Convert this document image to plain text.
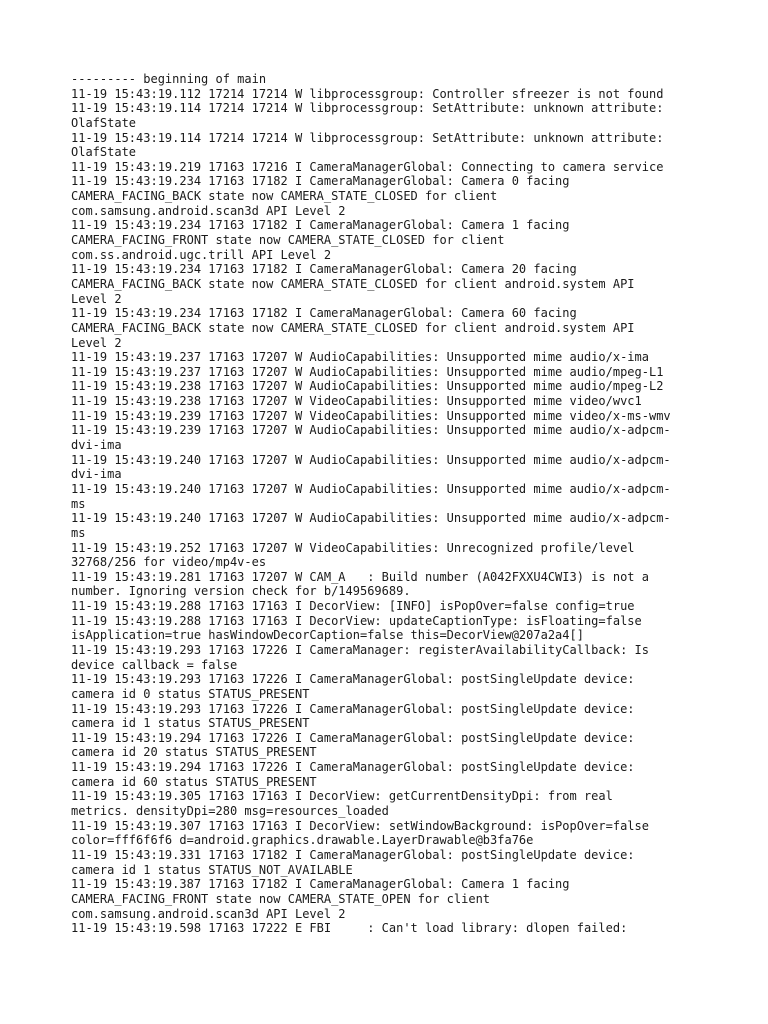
--------- beginning of main
11-19 15:43:19.112 17214 17214 W libprocessgroup: Controller sfreezer is not found
11-19 15:43:19.114 17214 17214 W libprocessgroup: SetAttribute: unknown attribute:
OlafState
11-19 15:43:19.114 17214 17214 W libprocessgroup: SetAttribute: unknown attribute:
OlafState
11-19 15:43:19.219 17163 17216 I CameraManagerGlobal: Connecting to camera service
11-19 15:43:19.234 17163 17182 I CameraManagerGlobal: Camera 0 facing
CAMERA_FACING_BACK state now CAMERA_STATE_CLOSED for client
com.samsung.android.scan3d API Level 2
11-19 15:43:19.234 17163 17182 I CameraManagerGlobal: Camera 1 facing
CAMERA_FACING_FRONT state now CAMERA_STATE_CLOSED for client
com.ss.android.ugc.trill API Level 2
11-19 15:43:19.234 17163 17182 I CameraManagerGlobal: Camera 20 facing
CAMERA_FACING_BACK state now CAMERA_STATE_CLOSED for client android.system API
Level 2
11-19 15:43:19.234 17163 17182 I CameraManagerGlobal: Camera 60 facing
CAMERA_FACING_BACK state now CAMERA_STATE_CLOSED for client android.system API
Level 2
11-19 15:43:19.237 17163 17207 W AudioCapabilities: Unsupported mime audio/x-ima
11-19 15:43:19.237 17163 17207 W AudioCapabilities: Unsupported mime audio/mpeg-L1
11-19 15:43:19.238 17163 17207 W AudioCapabilities: Unsupported mime audio/mpeg-L2
11-19 15:43:19.238 17163 17207 W VideoCapabilities: Unsupported mime video/wvc1
11-19 15:43:19.239 17163 17207 W VideoCapabilities: Unsupported mime video/x-ms-wmv
11-19 15:43:19.239 17163 17207 W AudioCapabilities: Unsupported mime audio/x-adpcm-
dvi-ima
11-19 15:43:19.240 17163 17207 W AudioCapabilities: Unsupported mime audio/x-adpcm-
dvi-ima
11-19 15:43:19.240 17163 17207 W AudioCapabilities: Unsupported mime audio/x-adpcm-
ms
11-19 15:43:19.240 17163 17207 W AudioCapabilities: Unsupported mime audio/x-adpcm-
ms
11-19 15:43:19.252 17163 17207 W VideoCapabilities: Unrecognized profile/level
32768/256 for video/mp4v-es
11-19 15:43:19.281 17163 17207 W CAM_A   : Build number (A042FXXU4CWI3) is not a
number. Ignoring version check for b/149569689.
11-19 15:43:19.288 17163 17163 I DecorView: [INFO] isPopOver=false config=true
11-19 15:43:19.288 17163 17163 I DecorView: updateCaptionType: isFloating=false
isApplication=true hasWindowDecorCaption=false this=DecorView@207a2a4[]
11-19 15:43:19.293 17163 17226 I CameraManager: registerAvailabilityCallback: Is
device callback = false
11-19 15:43:19.293 17163 17226 I CameraManagerGlobal: postSingleUpdate device:
camera id 0 status STATUS_PRESENT
11-19 15:43:19.293 17163 17226 I CameraManagerGlobal: postSingleUpdate device:
camera id 1 status STATUS_PRESENT
11-19 15:43:19.294 17163 17226 I CameraManagerGlobal: postSingleUpdate device:
camera id 20 status STATUS_PRESENT
11-19 15:43:19.294 17163 17226 I CameraManagerGlobal: postSingleUpdate device:
camera id 60 status STATUS_PRESENT
11-19 15:43:19.305 17163 17163 I DecorView: getCurrentDensityDpi: from real
metrics. densityDpi=280 msg=resources_loaded
11-19 15:43:19.307 17163 17163 I DecorView: setWindowBackground: isPopOver=false
color=fff6f6f6 d=android.graphics.drawable.LayerDrawable@b3fa76e
11-19 15:43:19.331 17163 17182 I CameraManagerGlobal: postSingleUpdate device:
camera id 1 status STATUS_NOT_AVAILABLE
11-19 15:43:19.387 17163 17182 I CameraManagerGlobal: Camera 1 facing
CAMERA_FACING_FRONT state now CAMERA_STATE_OPEN for client
com.samsung.android.scan3d API Level 2
11-19 15:43:19.598 17163 17222 E FBI     : Can't load library: dlopen failed:
